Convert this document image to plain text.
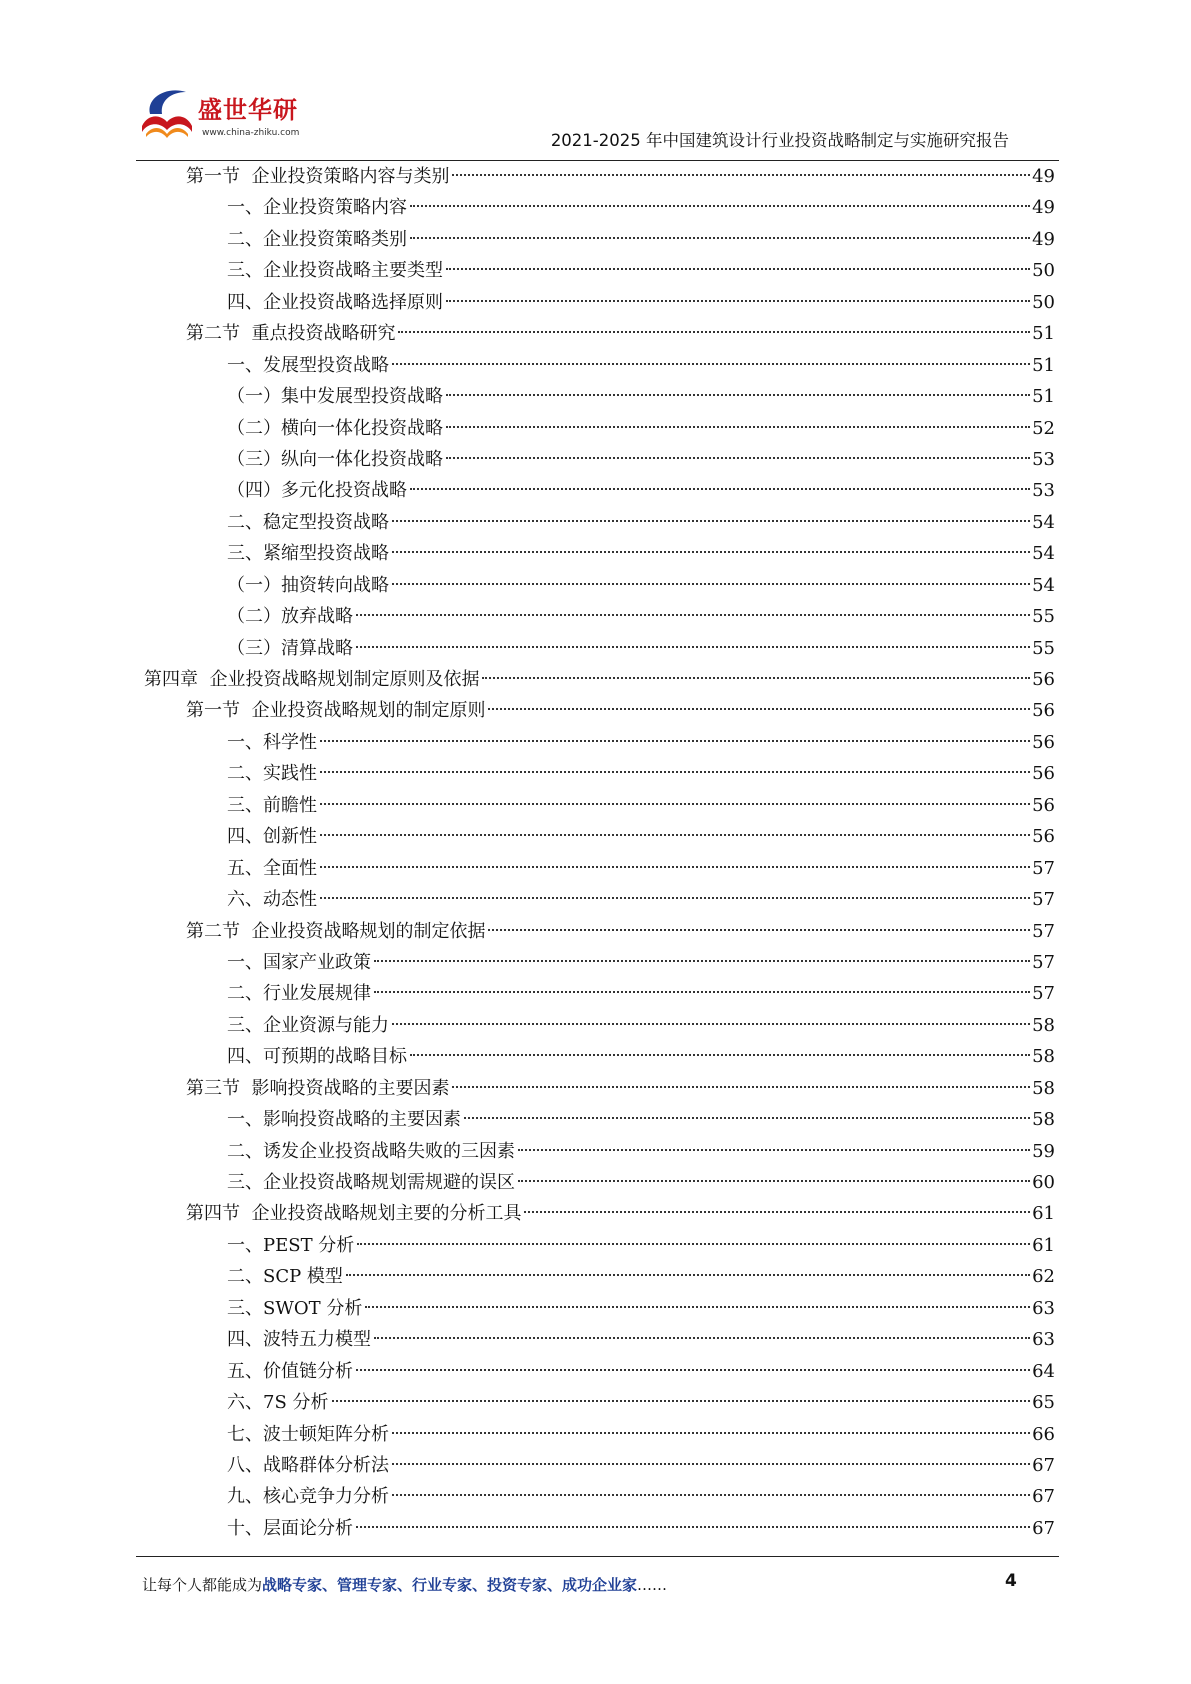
盛世华研
www.china-zhiku.com	2021-2025 年中国建筑设计行业投资战略制定与实施研究报告
第一节  企业投资策略内容与类别	49
一、企业投资策略内容	49
二、企业投资策略类别	49
三、企业投资战略主要类型	50
四、企业投资战略选择原则	50
第二节  重点投资战略研究	51
一、发展型投资战略	51
（一）集中发展型投资战略	51
（二）横向一体化投资战略	52
（三）纵向一体化投资战略	53
（四）多元化投资战略	53
二、稳定型投资战略	54
三、紧缩型投资战略	54
（一）抽资转向战略	54
（二）放弃战略	55
（三）清算战略	55
第四章  企业投资战略规划制定原则及依据	56
第一节  企业投资战略规划的制定原则	56
一、科学性	56
二、实践性	56
三、前瞻性	56
四、创新性	56
五、全面性	57
六、动态性	57
第二节  企业投资战略规划的制定依据	57
一、国家产业政策	57
二、行业发展规律	57
三、企业资源与能力	58
四、可预期的战略目标	58
第三节  影响投资战略的主要因素	58
一、影响投资战略的主要因素	58
二、诱发企业投资战略失败的三因素	59
三、企业投资战略规划需规避的误区	60
第四节  企业投资战略规划主要的分析工具	61
一、PEST 分析	61
二、SCP 模型	62
三、SWOT 分析	63
四、波特五力模型	63
五、价值链分析	64
六、7S 分析	65
七、波士顿矩阵分析	66
八、战略群体分析法	67
九、核心竞争力分析	67
十、层面论分析	67
让每个人都能成为战略专家、管理专家、行业专家、投资专家、成功企业家……	4
